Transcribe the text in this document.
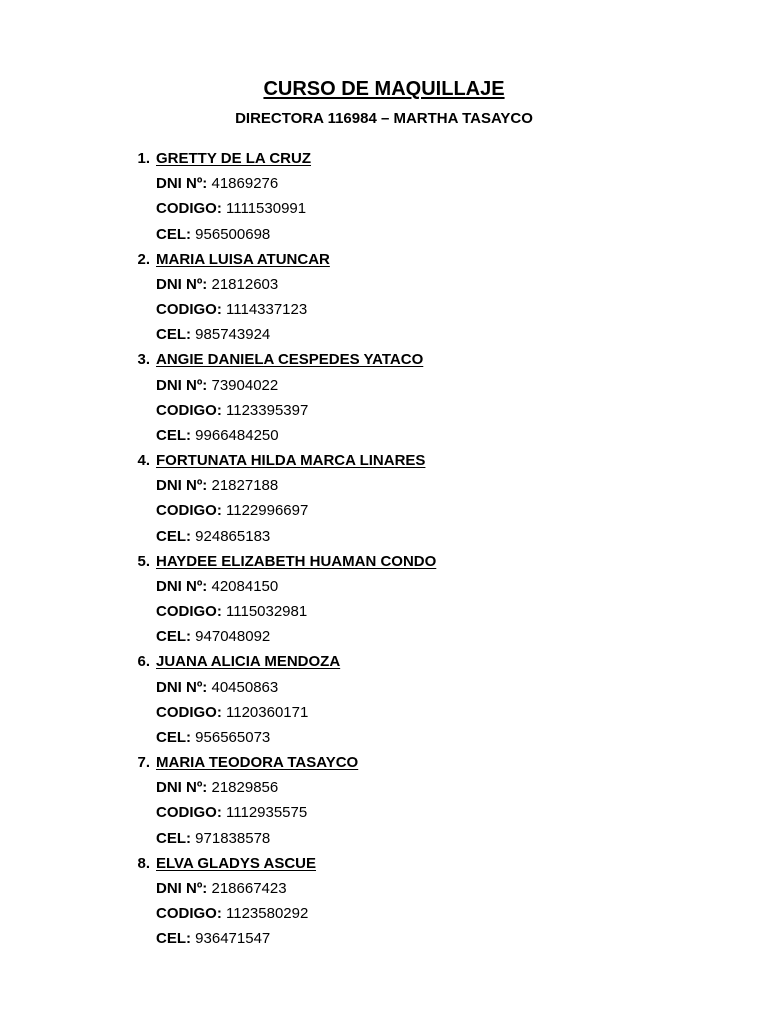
CURSO DE MAQUILLAJE
DIRECTORA 116984 – MARTHA TASAYCO
1. GRETTY DE LA CRUZ
DNI Nº: 41869276
CODIGO: 1111530991
CEL: 956500698
2. MARIA LUISA ATUNCAR
DNI Nº: 21812603
CODIGO: 1114337123
CEL: 985743924
3. ANGIE DANIELA CESPEDES YATACO
DNI Nº: 73904022
CODIGO: 1123395397
CEL: 9966484250
4. FORTUNATA HILDA MARCA LINARES
DNI Nº: 21827188
CODIGO: 1122996697
CEL: 924865183
5. HAYDEE ELIZABETH HUAMAN CONDO
DNI Nº: 42084150
CODIGO: 1115032981
CEL: 947048092
6. JUANA ALICIA MENDOZA
DNI Nº: 40450863
CODIGO: 1120360171
CEL: 956565073
7. MARIA TEODORA TASAYCO
DNI Nº: 21829856
CODIGO: 1112935575
CEL: 971838578
8. ELVA GLADYS ASCUE
DNI Nº: 218667423
CODIGO: 1123580292
CEL: 936471547
